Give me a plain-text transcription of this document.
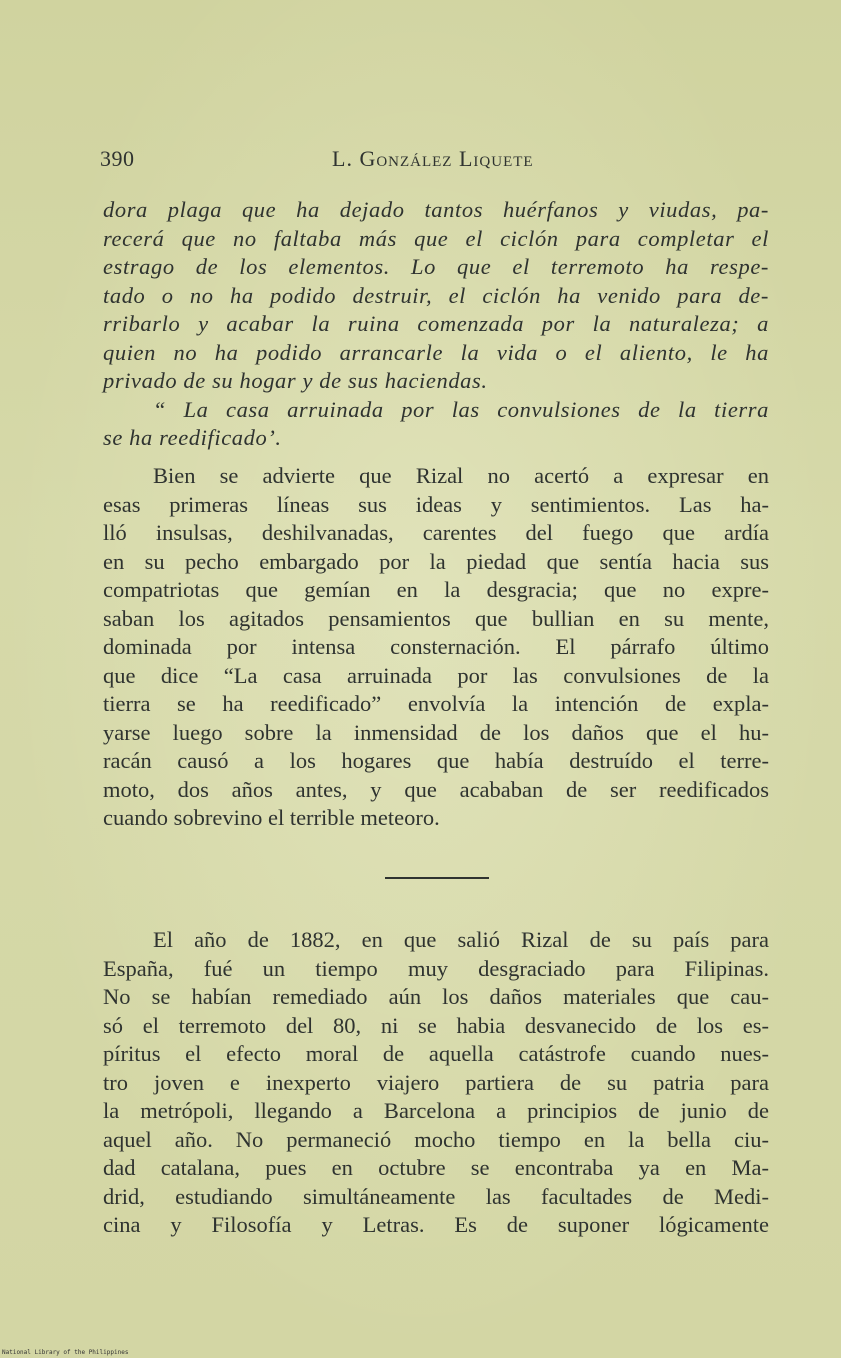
390	L. González Liquete
dora plaga que ha dejado tantos huérfanos y viudas, pa-
recerá que no faltaba más que el ciclón para completar el
estrago de los elementos. Lo que el terremoto ha respe-
tado o no ha podido destruir, el ciclón ha venido para de-
rribarlo y acabar la ruina comenzada por la naturaleza; a
quien no ha podido arrancarle la vida o el aliento, le ha
privado de su hogar y de sus haciendas.
“ La casa arruinada por las convulsiones de la tierra
se ha reedificado’.
Bien se advierte que Rizal no acertó a expresar en
esas primeras líneas sus ideas y sentimientos. Las ha-
lló insulsas, deshilvanadas, carentes del fuego que ardía
en su pecho embargado por la piedad que sentía hacia sus
compatriotas que gemían en la desgracia; que no expre-
saban los agitados pensamientos que bullian en su mente,
dominada por intensa consternación. El párrafo último
que dice “La casa arruinada por las convulsiones de la
tierra se ha reedificado” envolvía la intención de expla-
yarse luego sobre la inmensidad de los daños que el hu-
racán causó a los hogares que había destruído el terre-
moto, dos años antes, y que acababan de ser reedificados
cuando sobrevino el terrible meteoro.
El año de 1882, en que salió Rizal de su país para
España, fué un tiempo muy desgraciado para Filipinas.
No se habían remediado aún los daños materiales que cau-
só el terremoto del 80, ni se habia desvanecido de los es-
píritus el efecto moral de aquella catástrofe cuando nues-
tro joven e inexperto viajero partiera de su patria para
la metrópoli, llegando a Barcelona a principios de junio de
aquel año. No permaneció mocho tiempo en la bella ciu-
dad catalana, pues en octubre se encontraba ya en Ma-
drid, estudiando simultáneamente las facultades de Medi-
cina y Filosofía y Letras. Es de suponer lógicamente
National Library of the Philippines
